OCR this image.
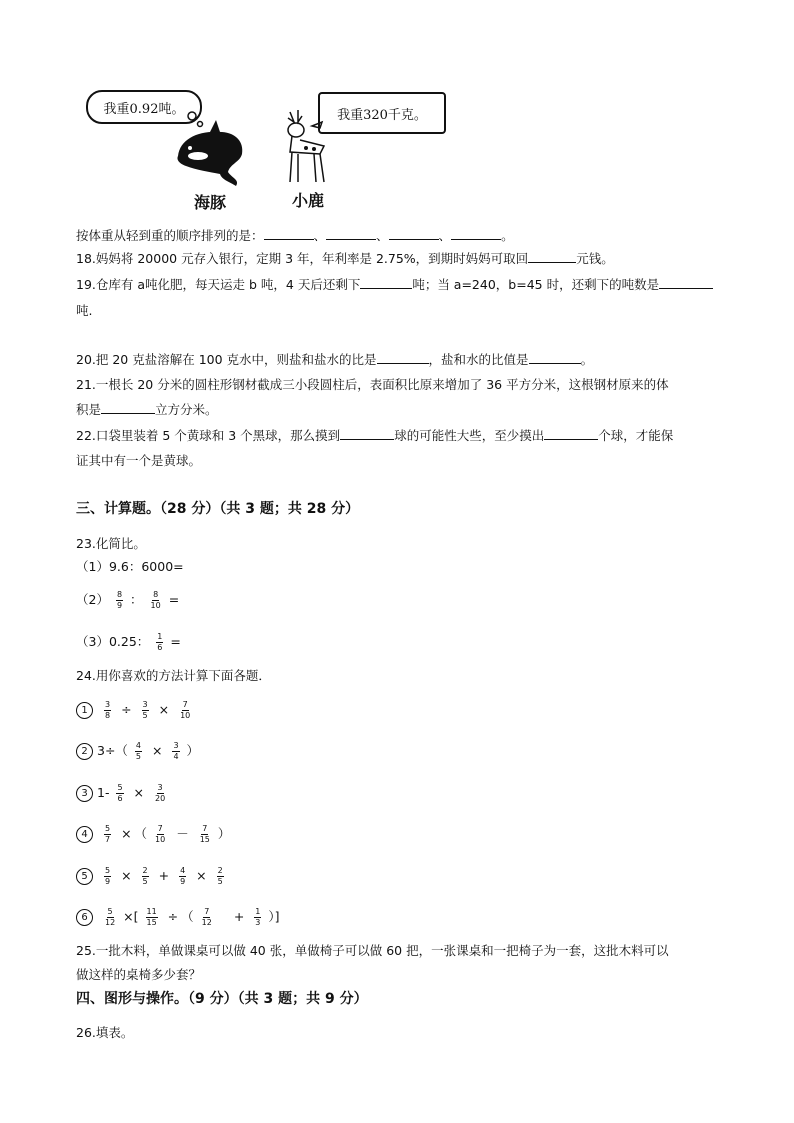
我重0.92吨。
海豚
我重320千克。
小鹿
按体重从轻到重的顺序排列的是：	、	、	、	。
18.妈妈将 20000 元存入银行，定期 3 年，年利率是 2.75%，到期时妈妈可取回	元钱。
19.仓库有 a吨化肥，每天运走 b 吨，4 天后还剩下	吨；当 a=240，b=45 时，还剩下的吨数是
吨.
20.把 20 克盐溶解在 100 克水中，则盐和盐水的比是	，盐和水的比值是	。
21.一根长 20 分米的圆柱形钢材截成三小段圆柱后，表面积比原来增加了 36 平方分米，这根钢材原来的体
积是	立方分米。
22.口袋里装着 5 个黄球和 3 个黑球，那么摸到	球的可能性大些，至少摸出	个球，才能保
证其中有一个是黄球。
三、计算题。（28 分）（共 3 题；共 28 分）
23.化简比。
（1）9.6：6000=
$(2) \frac{8}{9}$ ： $\frac{8}{10}$ =
（3）0.25： $\frac{1}{6}$ =
24.用你喜欢的方法计算下面各题．
$1 \frac{3}{8} \div \frac{3}{5} \times \frac{7}{10}$
2 $3\div( \frac{4}{5} \times \frac{3}{4}$ ）
3 $1- \frac{5}{6} \times \frac{3}{20}$
$4 \frac{5}{7}$ × （ $\frac{7}{10} - \frac{7}{15}$ ）
$5 \frac{5}{9} \times \frac{2}{5} + \frac{4}{9} \times \frac{2}{5}$
$6 \frac{5}{12}$ ×[ $\frac{11}{15}$ ÷ （ $\frac{7}{12} + \frac{1}{3}$ ）]
25.一批木料，单做课桌可以做 40 张，单做椅子可以做 60 把，一张课桌和一把椅子为一套，这批木料可以
做这样的桌椅多少套？
四、图形与操作。（9 分）（共 3 题；共 9 分）
26.填表。
